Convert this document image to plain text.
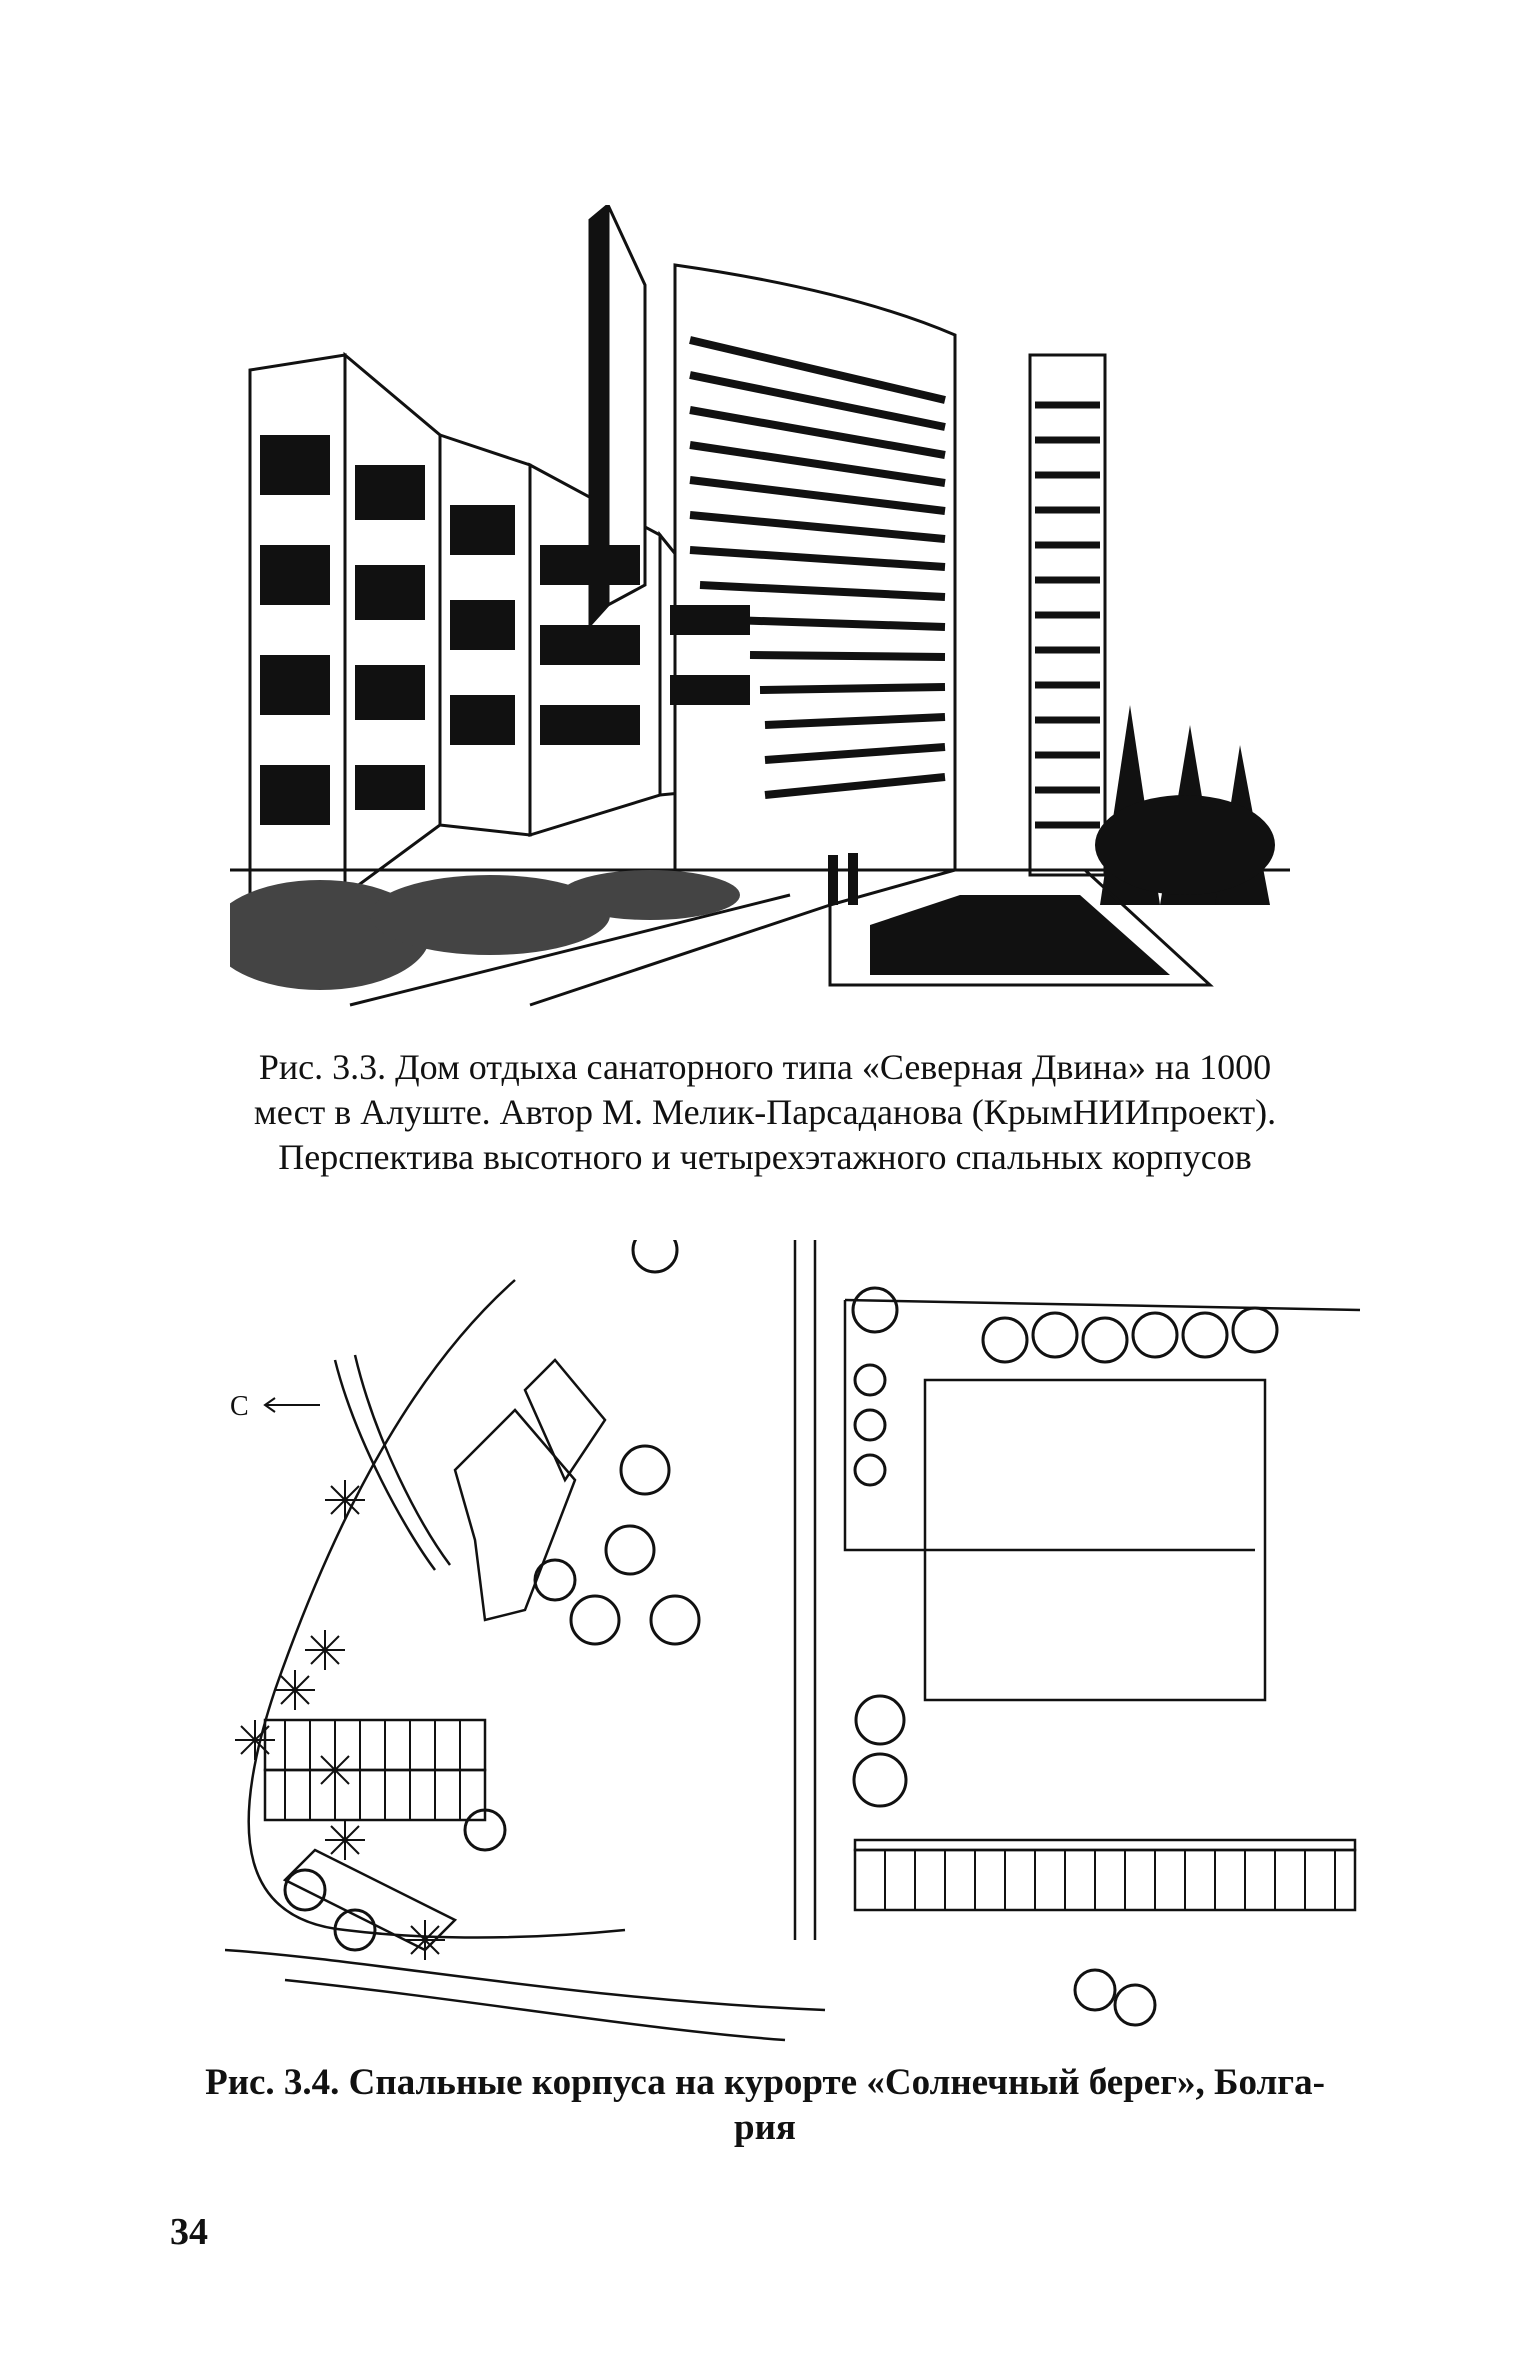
Рис. 3.3. Дом отдыха санаторного типа «Северная Двина» на 1000
мест в Алуште. Автор М. Мелик-Парсаданова (КрымНИИпроект).
Перспектива высотного и четырехэтажного спальных корпусов
С
Рис. 3.4. Спальные корпуса на курорте «Солнечный берег», Болга-
рия
34
